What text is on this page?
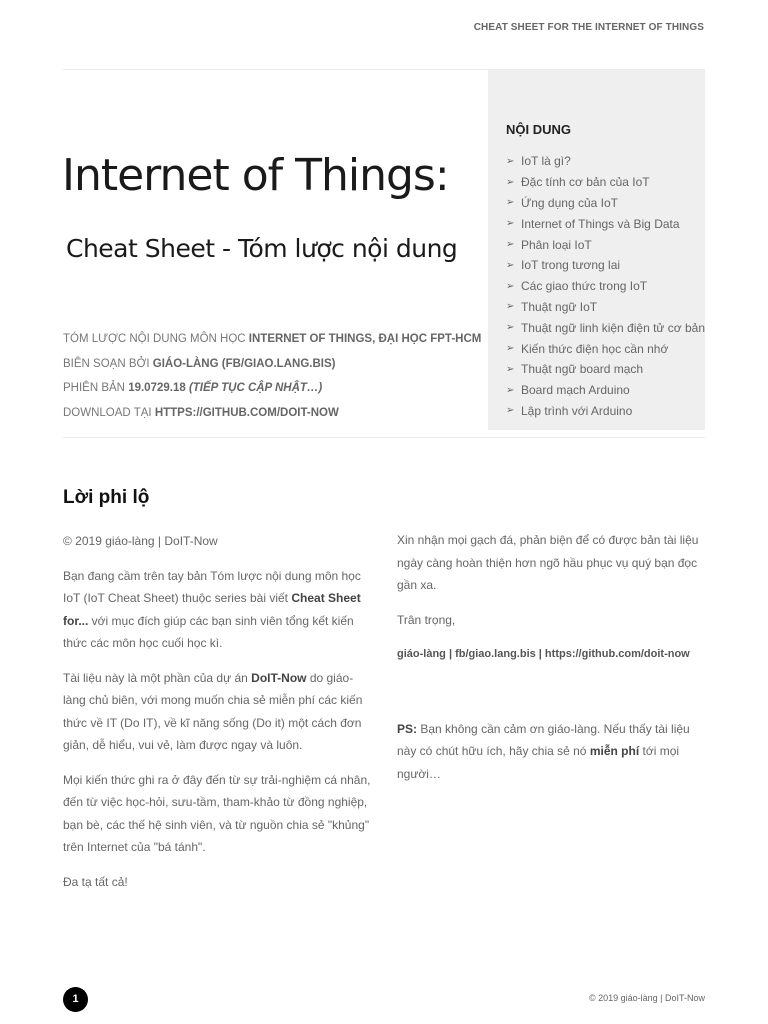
CHEAT SHEET FOR THE INTERNET OF THINGS
NỘI DUNG
➢ IoT là gì?
➢ Đặc tính cơ bản của IoT
➢ Ứng dụng của IoT
➢ Internet of Things và Big Data
➢ Phân loại IoT
➢ IoT trong tương lai
➢ Các giao thức trong IoT
➢ Thuật ngữ IoT
➢ Thuật ngữ linh kiện điện tử cơ bản
➢ Kiến thức điện học cần nhớ
➢ Thuật ngữ board mạch
➢ Board mạch Arduino
➢ Lập trình với Arduino
Internet of Things:
Cheat Sheet - Tóm lược nội dung
TÓM LƯỢC NỘI DUNG MÔN HỌC INTERNET OF THINGS, ĐẠI HỌC FPT-HCM
BIÊN SOẠN BỞI GIÁO-LÀNG (FB/GIAO.LANG.BIS)
PHIÊN BẢN 19.0729.18 (TIẾP TỤC CẬP NHẬT…)
DOWNLOAD TẠI HTTPS://GITHUB.COM/DOIT-NOW
Lời phi lộ

© 2019 giáo-làng | DoIT-Now

Bạn đang cầm trên tay bản Tóm lược nội dung môn học IoT (IoT Cheat Sheet) thuộc series bài viết Cheat Sheet for... với mục đích giúp các bạn sinh viên tổng kết kiến thức các môn học cuối học kì.

Tài liệu này là một phần của dự án DoIT-Now do giáo-làng chủ biên, với mong muốn chia sẻ miễn phí các kiến thức về IT (Do IT), về kĩ năng sống (Do it) một cách đơn giản, dễ hiểu, vui vẻ, làm được ngay và luôn.

Mọi kiến thức ghi ra ở đây đến từ sự trải-nghiệm cá nhân, đến từ việc học-hỏi, sưu-tầm, tham-khảo từ đồng nghiệp, bạn bè, các thế hệ sinh viên, và từ nguồn chia sẻ "khủng" trên Internet của "bá tánh".

Đa tạ tất cả!

Xin nhận mọi gạch đá, phản biện để có được bản tài liệu ngày càng hoàn thiện hơn ngõ hầu phục vụ quý bạn đọc gần xa.

Trân trọng,

giáo-làng | fb/giao.lang.bis | https://github.com/doit-now

PS: Bạn không cần cảm ơn giáo-làng. Nếu thấy tài liệu này có chút hữu ích, hãy chia sẻ nó miễn phí tới mọi người…

1	© 2019 giáo-làng | DoIT-Now
